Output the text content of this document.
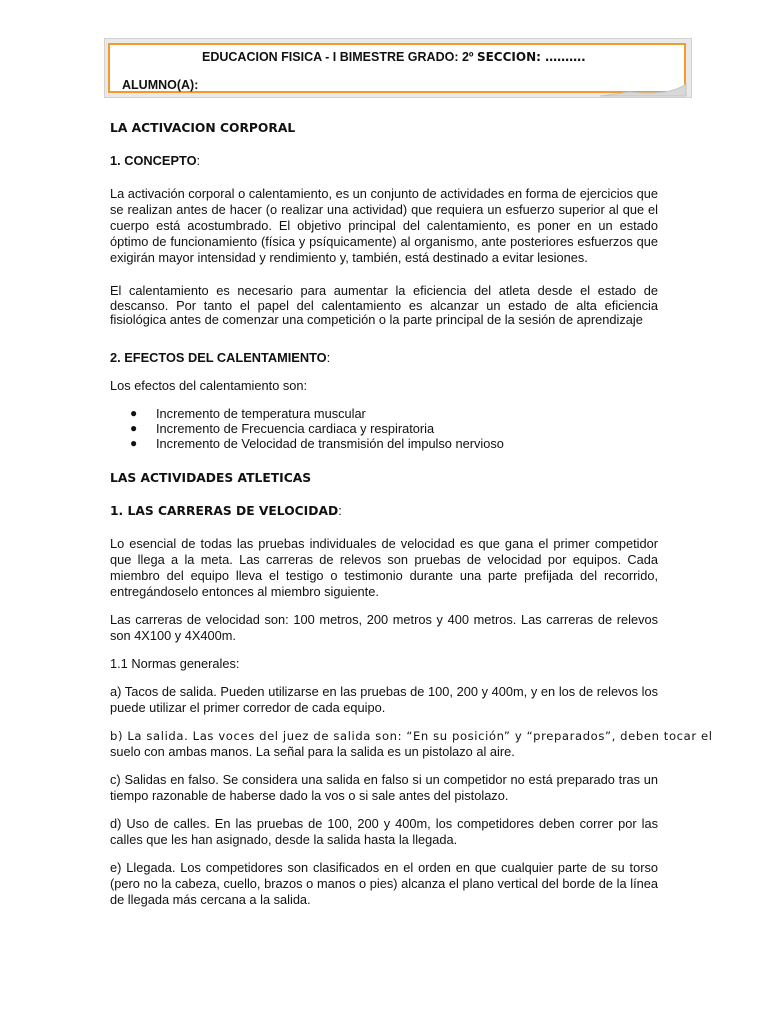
EDUCACION FISICA - I BIMESTRE GRADO: 2º SECCION: ……….
ALUMNO(A):
LA ACTIVACION CORPORAL
1. CONCEPTO:

La activación corporal o calentamiento, es un conjunto de actividades en forma de ejercicios que se realizan antes de hacer (o realizar una actividad) que requiera un esfuerzo superior al que el cuerpo está acostumbrado. El objetivo principal del calentamiento, es poner en un estado óptimo de funcionamiento (física y psíquicamente) al organismo, ante posteriores esfuerzos que exigirán mayor intensidad y rendimiento y, también, está destinado a evitar lesiones.

El calentamiento es necesario para aumentar la eficiencia del atleta desde el estado de descanso. Por tanto el papel del calentamiento es alcanzar un estado de alta eficiencia fisiológica antes de comenzar una competición o la parte principal de la sesión de aprendizaje

2. EFECTOS DEL CALENTAMIENTO:

Los efectos del calentamiento son:

● Incremento de temperatura muscular
● Incremento de Frecuencia cardiaca y respiratoria
● Incremento de Velocidad de transmisión del impulso nervioso
LAS ACTIVIDADES ATLETICAS
1. LAS CARRERAS DE VELOCIDAD:

Lo esencial de todas las pruebas individuales de velocidad es que gana el primer competidor que llega a la meta. Las carreras de relevos son pruebas de velocidad por equipos. Cada miembro del equipo lleva el testigo o testimonio durante una parte prefijada del recorrido, entregándoselo entonces al miembro siguiente.

Las carreras de velocidad son: 100 metros, 200 metros y 400 metros. Las carreras de relevos son 4X100 y 4X400m.

1.1 Normas generales:

a) Tacos de salida. Pueden utilizarse en las pruebas de 100, 200 y 400m, y en los de relevos los puede utilizar el primer corredor de cada equipo.

b) La salida. Las voces del juez de salida son: “En su posición” y “preparados”, deben tocar el
suelo con ambas manos. La señal para la salida es un pistolazo al aire.

c) Salidas en falso. Se considera una salida en falso si un competidor no está preparado tras un tiempo razonable de haberse dado la vos o si sale antes del pistolazo.

d) Uso de calles. En las pruebas de 100, 200 y 400m, los competidores deben correr por las calles que les han asignado, desde la salida hasta la llegada.

e) Llegada. Los competidores son clasificados en el orden en que cualquier parte de su torso (pero no la cabeza, cuello, brazos o manos o pies) alcanza el plano vertical del borde de la línea de llegada más cercana a la salida.
